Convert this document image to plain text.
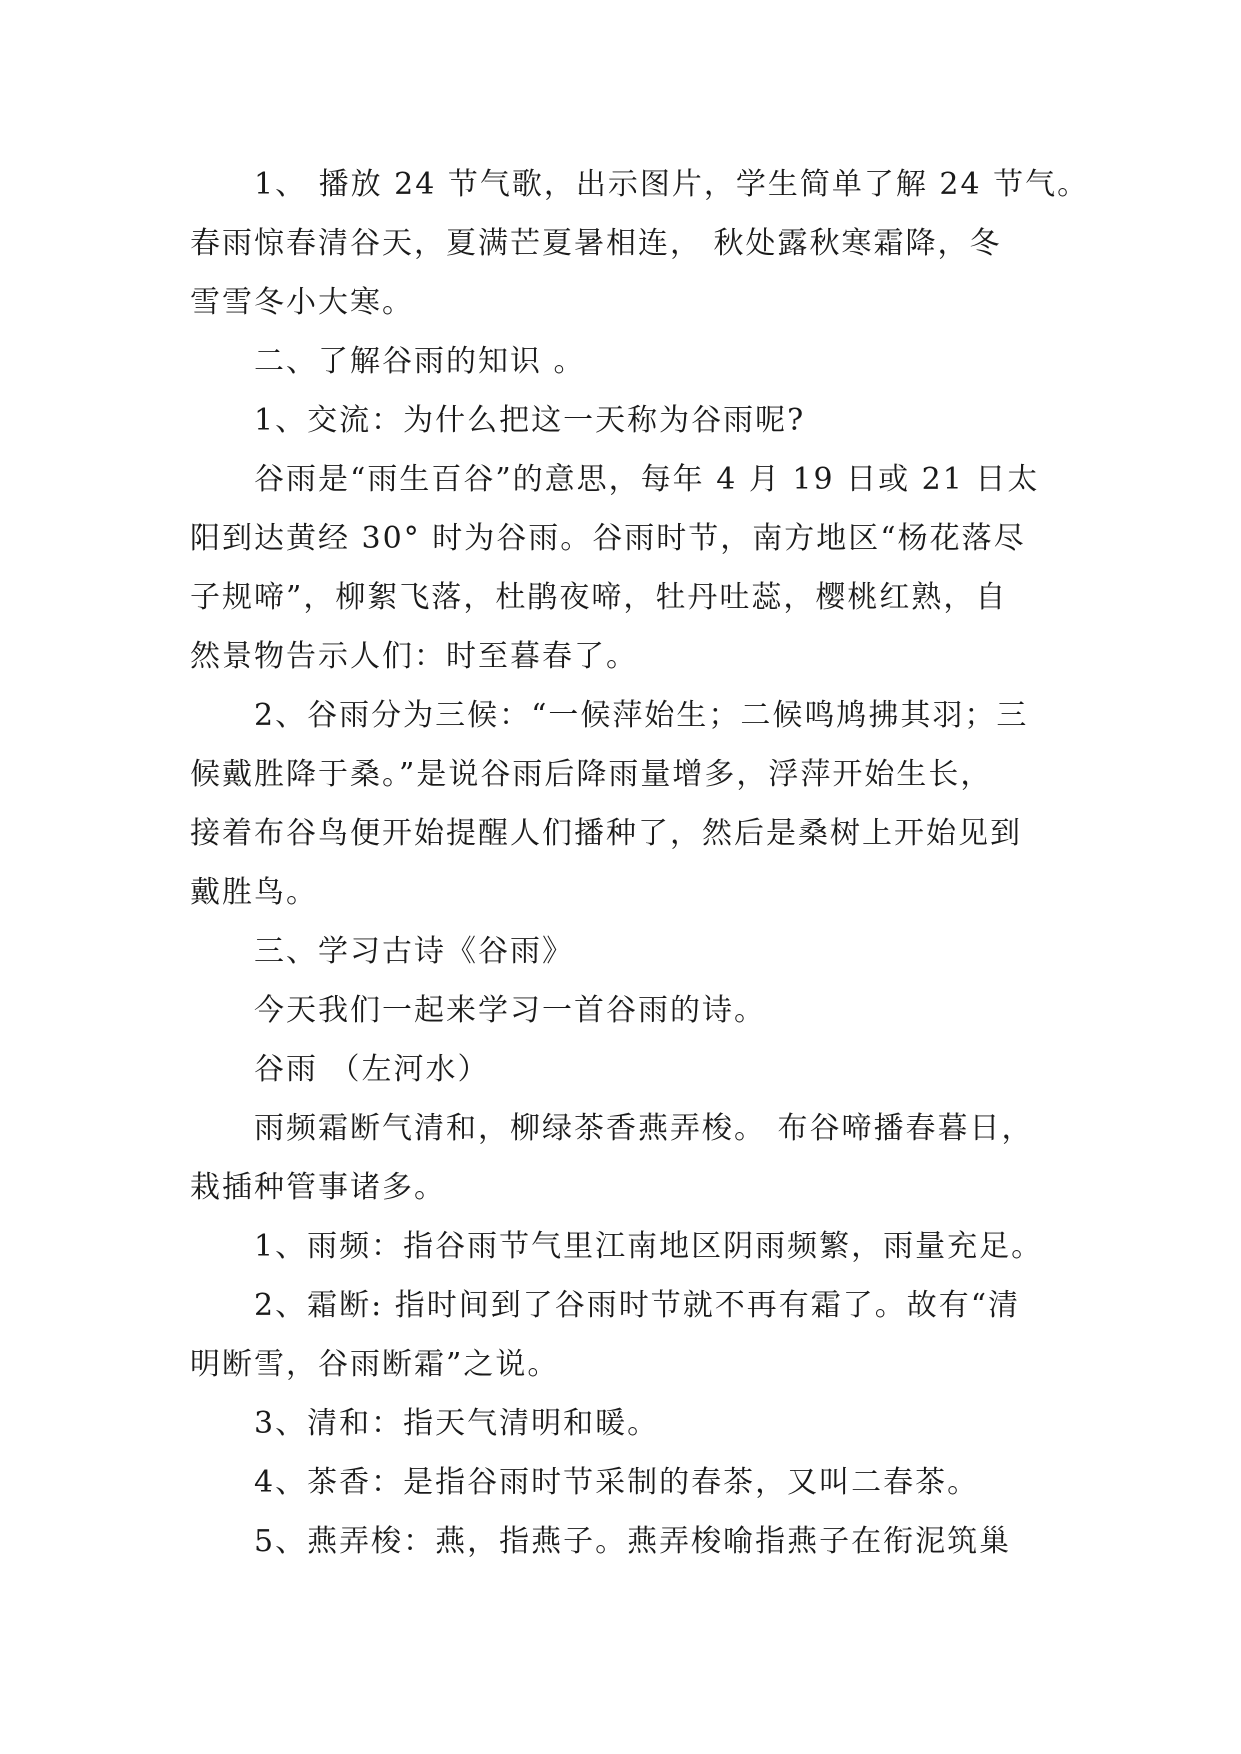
1、 播放 24 节气歌，出示图片，学生简单了解 24 节气。
春雨惊春清谷天，夏满芒夏暑相连， 秋处露秋寒霜降，冬
雪雪冬小大寒。
二、了解谷雨的知识 。
1、交流：为什么把这一天称为谷雨呢?
谷雨是“雨生百谷”的意思，每年 4 月 19 日或 21 日太
阳到达黄经 30° 时为谷雨。谷雨时节，南方地区“杨花落尽
子规啼”，柳絮飞落，杜鹃夜啼，牡丹吐蕊，樱桃红熟，自
然景物告示人们：时至暮春了。
2、谷雨分为三候：“一候萍始生；二候鸣鸠拂其羽；三
候戴胜降于桑。”是说谷雨后降雨量增多，浮萍开始生长，
接着布谷鸟便开始提醒人们播种了，然后是桑树上开始见到
戴胜鸟。
三、学习古诗《谷雨》
今天我们一起来学习一首谷雨的诗。
谷雨 （左河水）
雨频霜断气清和，柳绿茶香燕弄梭。 布谷啼播春暮日，
栽插种管事诸多。
1、雨频：指谷雨节气里江南地区阴雨频繁，雨量充足。
2、霜断: 指时间到了谷雨时节就不再有霜了。故有“清
明断雪，谷雨断霜”之说。
3、清和：指天气清明和暖。
4、茶香：是指谷雨时节采制的春茶，又叫二春茶。
5、燕弄梭：燕，指燕子。燕弄梭喻指燕子在衔泥筑巢
